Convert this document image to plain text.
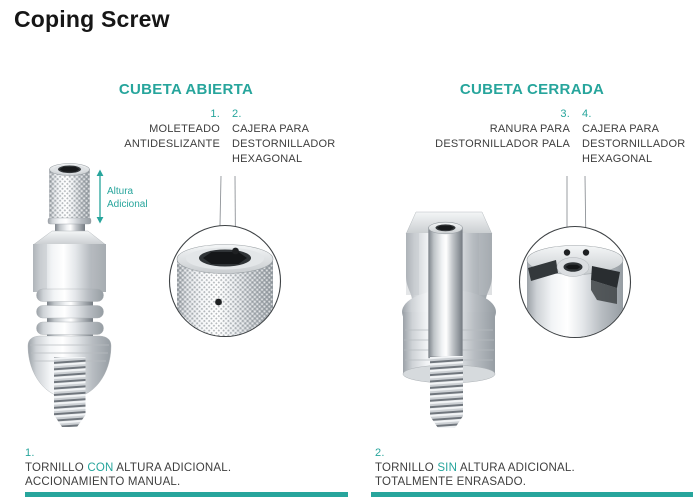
Coping Screw
CUBETA ABIERTA	CUBETA CERRADA
1.
MOLETEADO
ANTIDESLIZANTE
2.
CAJERA PARA
DESTORNILLADOR
HEXAGONAL
3.
RANURA PARA
DESTORNILLADOR PALA
4.
CAJERA PARA
DESTORNILLADOR
HEXAGONAL
Altura
Adicional
1.
TORNILLO CON ALTURA ADICIONAL.
ACCIONAMIENTO MANUAL.
2.
TORNILLO SIN ALTURA ADICIONAL.
TOTALMENTE ENRASADO.
